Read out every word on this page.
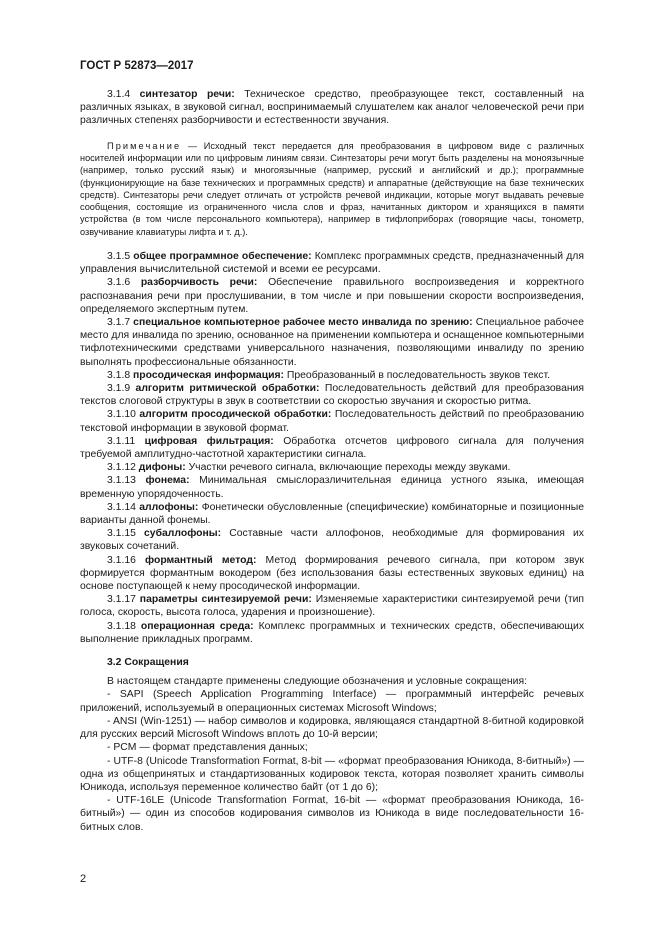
ГОСТ Р 52873—2017

3.1.4 синтезатор речи: Техническое средство, преобразующее текст, составленный на различных языках, в звуковой сигнал, воспринимаемый слушателем как аналог человеческой речи при различных степенях разборчивости и естественности звучания.

Примечание — Исходный текст передается для преобразования в цифровом виде с различных носителей информации или по цифровым линиям связи. Синтезаторы речи могут быть разделены на моноязычные (например, только русский язык) и многоязычные (например, русский и английский и др.); программные (функционирующие на базе технических и программных средств) и аппаратные (действующие на базе технических средств). Синтезаторы речи следует отличать от устройств речевой индикации, которые могут выдавать речевые сообщения, состоящие из ограниченного числа слов и фраз, начитанных диктором и хранящихся в памяти устройства (в том числе персонального компьютера), например в тифлоприборах (говорящие часы, тонометр, озвучивание клавиатуры лифта и т. д.).

3.1.5 общее программное обеспечение: Комплекс программных средств, предназначенный для управления вычислительной системой и всеми ее ресурсами.

3.1.6 разборчивость речи: Обеспечение правильного воспроизведения и корректного распознавания речи при прослушивании, в том числе и при повышении скорости воспроизведения, определяемого экспертным путем.

3.1.7 специальное компьютерное рабочее место инвалида по зрению: Специальное рабочее место для инвалида по зрению, основанное на применении компьютера и оснащенное компьютерными тифлотехническими средствами универсального назначения, позволяющими инвалиду по зрению выполнять профессиональные обязанности.

3.1.8 просодическая информация: Преобразованный в последовательность звуков текст.

3.1.9 алгоритм ритмической обработки: Последовательность действий для преобразования текстов слоговой структуры в звук в соответствии со скоростью звучания и скоростью ритма.

3.1.10 алгоритм просодической обработки: Последовательность действий по преобразованию текстовой информации в звуковой формат.

3.1.11 цифровая фильтрация: Обработка отсчетов цифрового сигнала для получения требуемой амплитудно-частотной характеристики сигнала.

3.1.12 дифоны: Участки речевого сигнала, включающие переходы между звуками.

3.1.13 фонема: Минимальная смыслоразличительная единица устного языка, имеющая временную упорядоченность.

3.1.14 аллофоны: Фонетически обусловленные (специфические) комбинаторные и позиционные варианты данной фонемы.

3.1.15 субаллофоны: Составные части аллофонов, необходимые для формирования их звуковых сочетаний.

3.1.16 формантный метод: Метод формирования речевого сигнала, при котором звук формируется формантным вокодером (без использования базы естественных звуковых единиц) на основе поступающей к нему просодической информации.

3.1.17 параметры синтезируемой речи: Изменяемые характеристики синтезируемой речи (тип голоса, скорость, высота голоса, ударения и произношение).

3.1.18 операционная среда: Комплекс программных и технических средств, обеспечивающих выполнение прикладных программ.

3.2 Сокращения

В настоящем стандарте применены следующие обозначения и условные сокращения:

- SAPI (Speech Application Programming Interface) — программный интерфейс речевых приложений, используемый в операционных системах Microsoft Windows;

- ANSI (Win-1251) — набор символов и кодировка, являющаяся стандартной 8-битной кодировкой для русских версий Microsoft Windows вплоть до 10-й версии;

- PCM — формат представления данных;

- UTF-8 (Unicode Transformation Format, 8-bit — «формат преобразования Юникода, 8-битный») — одна из общепринятых и стандартизованных кодировок текста, которая позволяет хранить символы Юникода, используя переменное количество байт (от 1 до 6);

- UTF-16LE (Unicode Transformation Format, 16-bit — «формат преобразования Юникода, 16-битный») — один из способов кодирования символов из Юникода в виде последовательности 16-битных слов.

2
